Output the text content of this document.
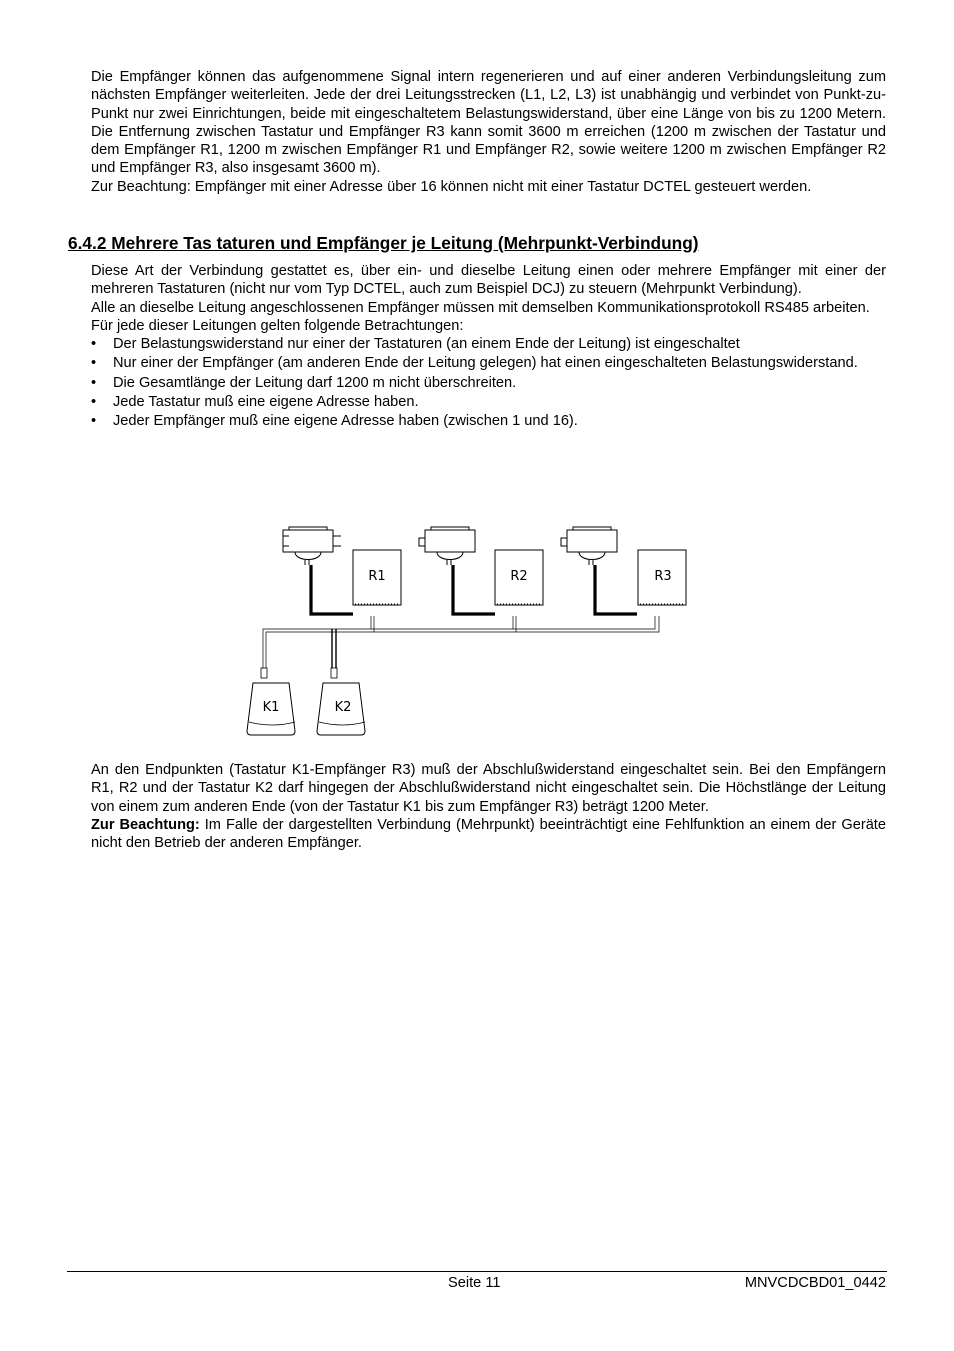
Die Empfänger können das aufgenommene Signal intern regenerieren und auf einer anderen Verbindungsleitung zum nächsten Empfänger weiterleiten. Jede der drei Leitungsstrecken (L1, L2, L3) ist unabhängig und verbindet von Punkt-zu-Punkt nur zwei Einrichtungen, beide mit eingeschaltetem Belastungswiderstand, über eine Länge von bis zu 1200 Metern. Die Entfernung zwischen Tastatur und Empfänger R3 kann somit 3600 m erreichen (1200 m zwischen der Tastatur und dem Empfänger R1, 1200 m zwischen Empfänger R1 und Empfänger R2, sowie weitere 1200 m zwischen Empfänger R2 und Empfänger R3, also insgesamt 3600 m).

Zur Beachtung: Empfänger mit einer Adresse über 16 können nicht mit einer Tastatur DCTEL gesteuert werden.

6.4.2 Mehrere Tas taturen und Empfänger je Leitung (Mehrpunkt-Verbindung)

Diese Art der Verbindung gestattet es, über ein- und dieselbe Leitung einen oder mehrere Empfänger mit einer der mehreren Tastaturen (nicht nur vom Typ DCTEL, auch zum Beispiel DCJ) zu steuern (Mehrpunkt Verbindung).

Alle an dieselbe Leitung angeschlossenen Empfänger müssen mit demselben Kommunikationsprotokoll RS485 arbeiten.

Für jede dieser Leitungen gelten folgende Betrachtungen:

• Der Belastungswiderstand nur einer der Tastaturen (an einem Ende der Leitung) ist eingeschaltet
• Nur einer der Empfänger (am anderen Ende der Leitung gelegen) hat einen eingeschalteten Belastungswiderstand.
• Die Gesamtlänge der Leitung darf 1200 m nicht überschreiten.
• Jede Tastatur muß eine eigene Adresse haben.
• Jeder Empfänger muß eine eigene Adresse haben (zwischen 1 und 16).
R1	R2	R3
K1	K2

An den Endpunkten (Tastatur K1-Empfänger R3) muß der Abschlußwiderstand eingeschaltet sein. Bei den Empfängern R1, R2 und der Tastatur K2 darf hingegen der Abschlußwiderstand nicht eingeschaltet sein. Die Höchstlänge der Leitung von einem zum anderen Ende (von der Tastatur K1 bis zum Empfänger R3) beträgt 1200 Meter.

Zur Beachtung: Im Falle der dargestellten Verbindung (Mehrpunkt) beeinträchtigt eine Fehlfunktion an einem der Geräte nicht den Betrieb der anderen Empfänger.

Seite 11	MNVCDCBD01_0442
